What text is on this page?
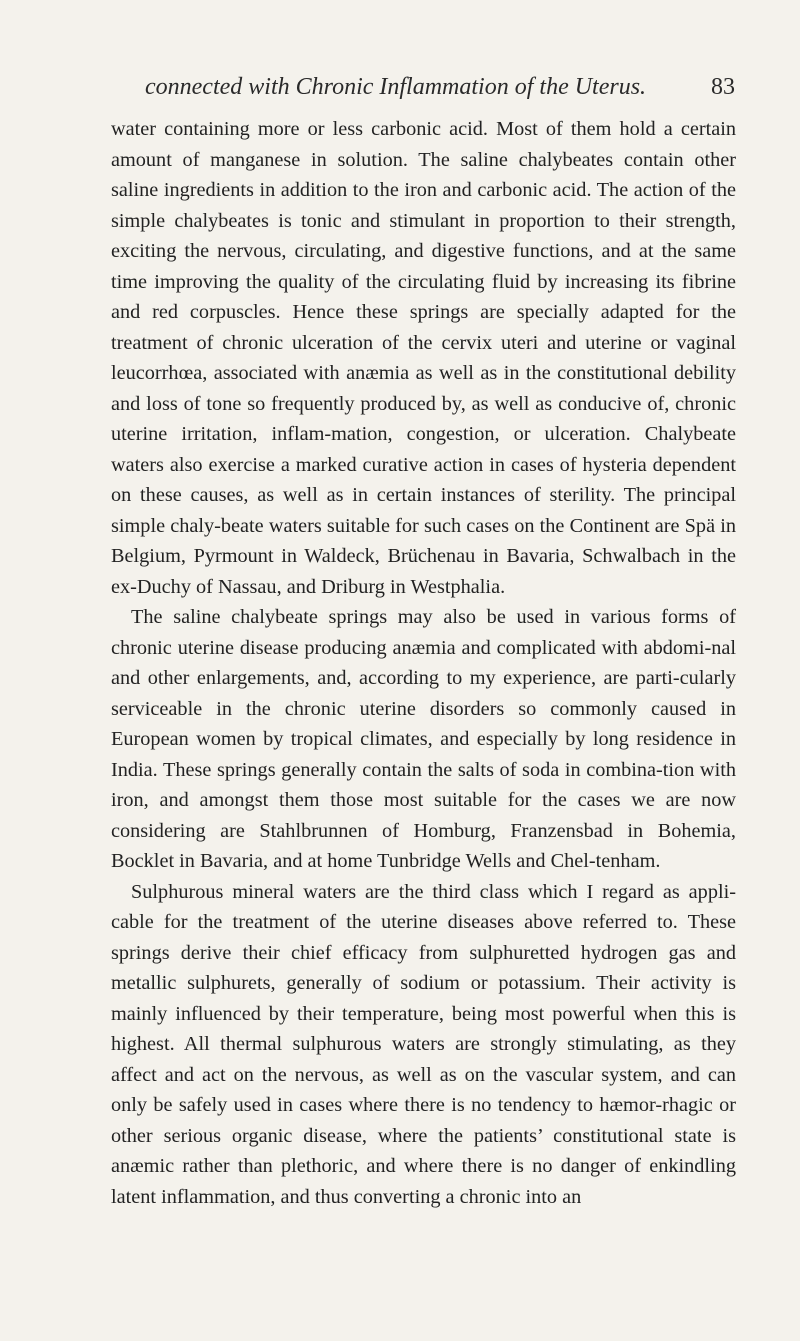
connected with Chronic Inflammation of the Uterus.	83

water containing more or less carbonic acid. Most of them hold a certain amount of manganese in solution. The saline chalybeates contain other saline ingredients in addition to the iron and carbonic acid. The action of the simple chalybeates is tonic and stimulant in proportion to their strength, exciting the nervous, circulating, and digestive functions, and at the same time improving the quality of the circulating fluid by increasing its fibrine and red corpuscles. Hence these springs are specially adapted for the treatment of chronic ulceration of the cervix uteri and uterine or vaginal leucorrhœa, associated with anæmia as well as in the constitutional debility and loss of tone so frequently produced by, as well as conducive of, chronic uterine irritation, inflam-mation, congestion, or ulceration. Chalybeate waters also exercise a marked curative action in cases of hysteria dependent on these causes, as well as in certain instances of sterility. The principal simple chaly-beate waters suitable for such cases on the Continent are Spä in Belgium, Pyrmount in Waldeck, Brüchenau in Bavaria, Schwalbach in the ex-Duchy of Nassau, and Driburg in Westphalia.

The saline chalybeate springs may also be used in various forms of chronic uterine disease producing anæmia and complicated with abdomi-nal and other enlargements, and, according to my experience, are parti-cularly serviceable in the chronic uterine disorders so commonly caused in European women by tropical climates, and especially by long residence in India. These springs generally contain the salts of soda in combina-tion with iron, and amongst them those most suitable for the cases we are now considering are Stahlbrunnen of Homburg, Franzensbad in Bohemia, Bocklet in Bavaria, and at home Tunbridge Wells and Chel-tenham.

Sulphurous mineral waters are the third class which I regard as appli-cable for the treatment of the uterine diseases above referred to. These springs derive their chief efficacy from sulphuretted hydrogen gas and metallic sulphurets, generally of sodium or potassium. Their activity is mainly influenced by their temperature, being most powerful when this is highest. All thermal sulphurous waters are strongly stimulating, as they affect and act on the nervous, as well as on the vascular system, and can only be safely used in cases where there is no tendency to hæmor-rhagic or other serious organic disease, where the patients’ constitutional state is anæmic rather than plethoric, and where there is no danger of enkindling latent inflammation, and thus converting a chronic into an
